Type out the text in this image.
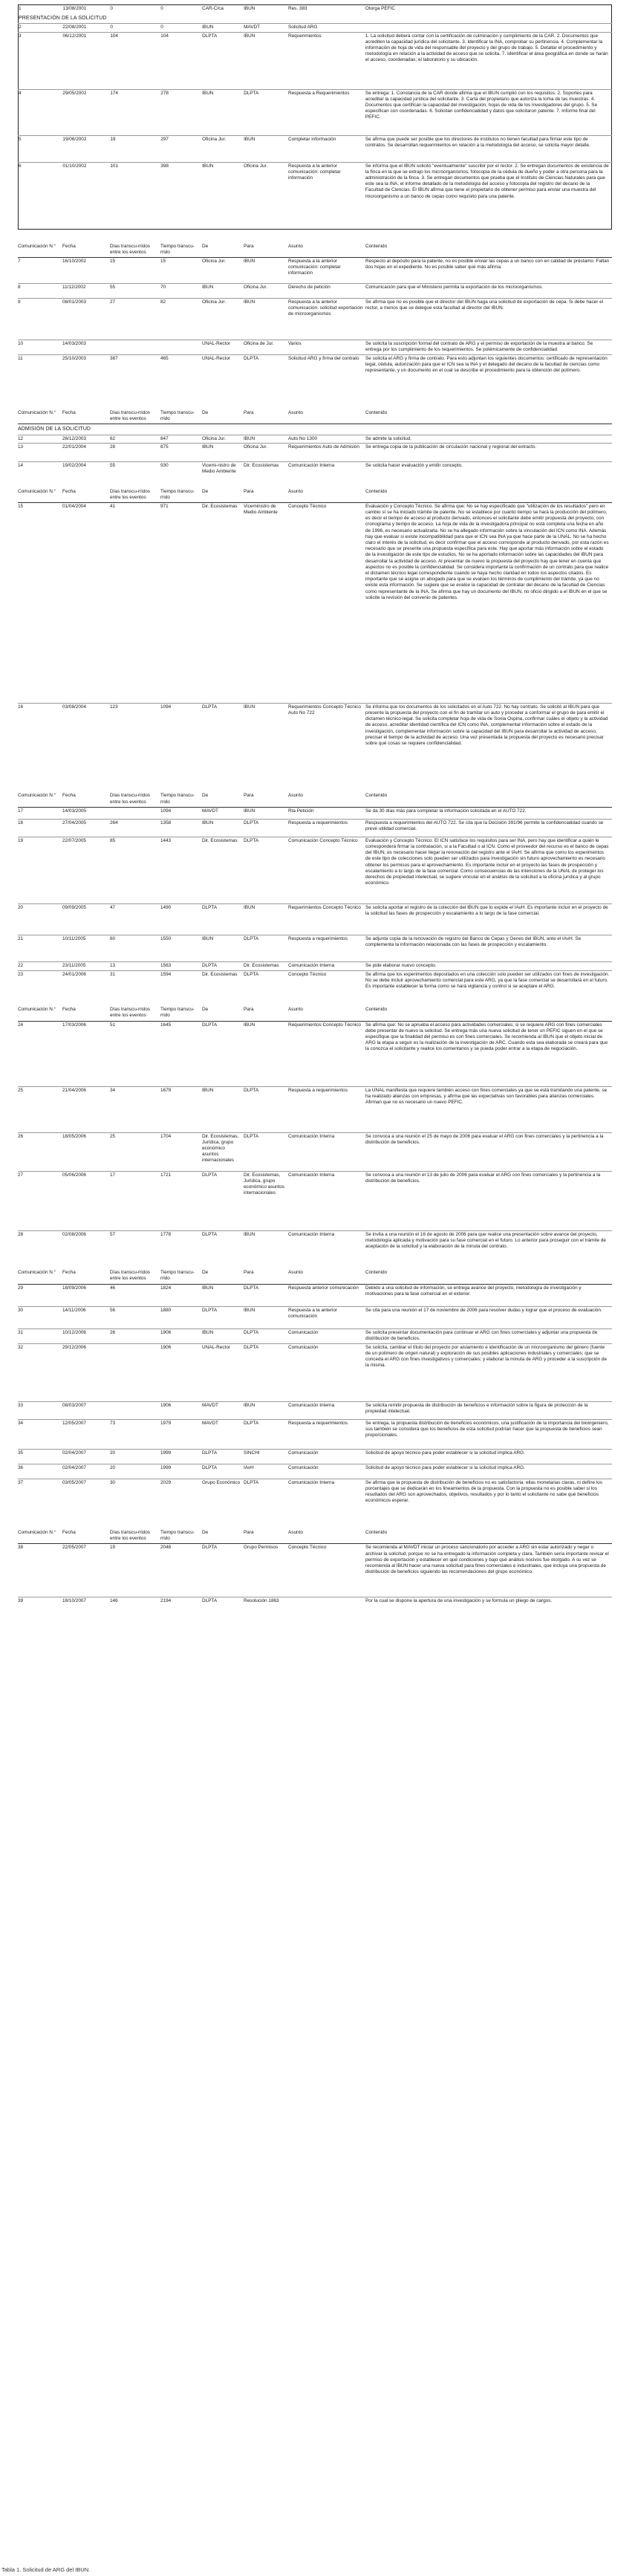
1	13/08/2001	0	0	CAR-C/ca	IBUN	Res. 383	Otorga PEFIC
PRESENTACIÓN DE LA SOLICITUD							
2	22/08/2001	0	0	IBUN	MAVDT	Solicitud ARG	
3	06/12/2001	104	104	DLPTA	IBUN	Requerimientos	1. La solicitud deberá contar con la certificación de culminación y cumplimiento de la CAR. 2. Documentos que acrediten la capacidad jurídica del solicitante. 3. Identificar la INA, comprobar su pertinencia. 4. Complementar la información de hoja de vida del responsable del proyecto y del grupo de trabajo. 5. Detallar el procedimiento y metodología en relación a la actividad de acceso que se solicita. 7. Identificar el área geográfica en donde se harán el acceso, coordenadas; el laboratorio y su ubicación.
4	29/05/2002	174	278	IBUN	DLPTA	Respuesta a Requerimientos	Se entrega: 1. Constancia de la CAR donde afirma que el IBUN cumplió con los requisitos. 2. Soportes para acreditar la capacidad jurídica del solicitante. 3. Carta del propietario que autoriza la toma de las muestras. 4. Documentos que certifican la capacidad del investigación, hojas de vida de los investigadores del grupo. 5. Se especifican con coordenadas. 6. Solicitan confidencialidad y datos que solicitaron patente. 7. Informe final del PEFIC.
5	19/06/2002	19	297	Oficina Jur.	IBUN	Completar información	Se afirma que puede ser posible que los directores de institutos no tienen facultad para firmar este tipo de contratos. Se desarrollan requerimientos en relación a la metodología del acceso, se solicita mayor detalle.
6	01/10/2002	101	398	IBUN	Oficina Jur.	Respuesta a la anterior comunicación: completar información	Se informa que el IBUN solicitó "eventualmente" suscribir por el rector. 2. Se entregan documentos de existencia de la finca en la que se extrajo los microorganismos, fotocopia de la cédula de dueño y poder a otra persona para la administración de la finca. 3. Se entregan documentos que prueba que el Instituto de Ciencias Naturales para que este sea la INA, el informe detallado de la metodología del acceso y fotocopia del registro del decano de la Facultad de Ciencias. El IBUN afirma que tiene el propietario de obtener permiso para enviar una muestra del microorganismo a un banco de cepas como requisito para una patente.
Comunicación N.°	Fecha	Días transcu-rridos entre los eventos	Tiempo transcu-rrido	De	Para	Asunto	Contenido
7	16/10/2002	15	15	Oficina Jur.	IBUN	Respuesta a la anterior comunicación: completar información	Respecto al depósito para la patente, no es posible enviar las cepas a un banco con en calidad de préstamo. Faltan dos hojas en el expediente. No es posible saber qué más afirma.
8	11/12/2002	55	70	IBUN	Oficina Jur.	Derecho de petición	Comunicación para que el Ministerio permita la exportación de los microorganismos.
9	08/01/2003	27	82	Oficina Jur.	IBUN	Respuesta a la anterior comunicación: solicitud exportación de microorganismos	Se afirma que no es posible que el director del IBUN haga una solicitud de exportación de cepa. Si debe hacer el rector, a menos que se delegue esta facultad al director del IBUN.
10	14/03/2003			UNAL-Rector	Oficina de Jur.	Varios	Se solicita la suscripción formal del contrato de ARG y el permiso de exportación de la muestra al banco. Se entrega por los cumplimiento de los requerimientos. Se polémicamente de confidencialidad.
11	25/10/2003	387	465	UNAL-Rector	DLPTA	Solicitud ARG y firma del contrato	Se solicita el ARG y firma de contrato. Para esto adjuntan los siguientes documentos: certificado de representación legal, cédula, autorización para que el ICN sea la INA y el delegado del decano de la facultad de ciencias como representante, y un documento en el cual se describe el procedimiento para la obtención del polímero.
Comunicación N.°	Fecha	Días transcu-rridos entre los eventos	Tiempo transcu-rrido	De	Para	Asunto	Contenido
ADMISIÓN DE LA SOLICITUD							
12	26/12/2003	62	847	Oficina Jur.	IBUN	Auto No 1300	Se admite la solicitud.
13	22/01/2004	28	875	IBUN	Oficina Jur.	Requerimientos Auto de Admisión	Se entrega copia de la publicación de circulación nacional y regional del extracto.
14	19/02/2004	55	930	Vicemi-nistro de Medio Ambiente	Dir. Ecosistemas	Comunicación Interna	Se solicita hacer evaluación y emitir concepto.
Comunicación N.°	Fecha	Días transcu-rridos entre los eventos	Tiempo transcu-rrido	De	Para	Asunto	Contenido
15	01/04/2004	41	971	Dir. Ecosistemas	Viceministro de Medio Ambiente	Concepto Técnico	Evaluación y Concepto Técnico. Se afirma que: No se hay especificado que "utilización de los resultados" pero en cambio sí se ha iniciado trámite de patente. No se establece por cuanto tiempo se hará la producción del polímero, es decir el tiempo de acceso al producto derivado, entonces el solicitante debe emitir propuesta del proyecto, con cronograma y tiempo de acceso. La hoja de vida de la investigadora principal no está completa una fecha en año de 1996, es necesario actualizarla. No se ha allegado información sobre la vinculación del ICN como INA. Además hay que evaluar si existe incompatibilidad para que el ICN sea INA ya que hace parte de la UNAL. No se ha hecho claro el interés de la solicitud, es decir confirmar que el acceso corresponde al producto derivado, por esta razón es necesario que se presente una propuesta específica para este. Hay que aportar más información sobre el estado de la investigación de este tipo de estudios. No se ha aportado información sobre las capacidades del IBUN para desarrollar la actividad de acceso. Al presentar de nuevo la propuesta del proyecto hay que tener en cuenta que aspectos no es posible la confidencialidad. Se considera importante la confirmación de un contrato para que realice el dictamen técnico legal correspondiente cuando se haya hecho claridad en todos los aspectos citados. Es importante que se asigne un abogado para que se evalúen los términos de cumplimiento del trámite, ya que no existe esta información. Se sugiere que se evalúe la capacidad de contratar del decano de la facultad de Ciencias como representante de la INA. Se afirma que hay un documento del IBUN, no oficio dirigido a el IBUN en el que se solicite la revisión del convenio de patentes.
16	03/08/2004	123	1094	DLPTA	IBUN	Requerimientos Concepto Técnico Auto No 722	Se informa que los documentos de los solicitados en el Auto 722. No hay contrato. Se solicitó al IBUN para que presente la propuesta del proyecto con el fin de tramitar un auto y proceder a conformar el grupo de para emitir el dictamen técnico-legal. Se solicita completar hoja de vida de Sonia Ospina, confirmar cuáles el objeto y la actividad de acceso, acreditar identidad científica del ICN como INA, complementar información sobre el estado de la investigación, complementar información sobre la capacidad del IBUN para desarrollar la actividad de acceso, precisar el tiempo de la actividad de acceso. Una vez presentada la propuesta del proyecto es necesario precisar sobre qué cosas se requiere confidencialidad.
Comunicación N.°	Fecha	Días transcu-rridos entre los eventos	Tiempo transcu-rrido	De	Para	Asunto	Contenido
17	14/03/2005		1094	MAVDT	IBUN	Rta Petición	Se da 30 días más para completar la información solicitada en el AUTO 722.
18	27/04/2005	264	1358	IBUN	DLPTA	Respuesta a requerimientos	Respuesta a requerimientos del AUTO 722. Se cita que la Decisión 391/96 permite la confidencialidad cuando se prevé utilidad comercial.
19	22/07/2005	85	1443	Dir. Ecosistemas	DLPTA	Comunicación Concepto Técnico	Evaluación y Concepto Técnico. El ICN satisface los requisitos para ser INA, pero hay que identificar a quién le corresponderá firmar la contratación, si a la Facultad o al ICN. Como el proveedor del recurso es el banco de cepas del IBUN, es necesario hacer llegar la renovación del registro ante el IAvH. Se afirma que como los experimentos de este tipo de colecciones solo pueden ser utilizados para investigación sin futuro aprovechamiento es necesario obtener los permisos para el aprovechamiento. Es importante incluir en el proyecto las fases de prospección y escalamiento a lo largo de la fase comercial. Como consecuencias de las intenciones de la UNAL de proteger los derechos de propiedad intelectual, se sugiere vincular en el análisis de la solicitud a la oficina jurídica y al grupo económico.
20	09/09/2005	47	1490	DLPTA	IBUN	Requerimientos Concepto Técnico	Se solicita aportar el registro de la colección del IBUN que lo expide el IAvH. Es importante incluir en el proyecto de la solicitud las fases de prospección y escalamiento a lo largo de la fase comercial.
21	10/11/2005	60	1550	IBUN	DLPTA	Respuesta a requerimientos	Se adjunta copia de la renovación de registro del Banco de Cepas y Genes del IBUN, ante el IAvH. Se complementa la información relacionada con las fases de prospección y escalamiento.
22	23/11/2005	13	1563	DLPTA	Dir. Ecosistemas	Comunicación Interna	Se pide elaborar nuevo concepto.
23	24/01/2006	31	1594	Dir. Ecosistemas	DLPTA	Concepto Técnico	Se afirma que los experimentos depositados en una colección solo pueden ser utilizados con fines de investigación. No se debe incluir aprovechamiento comercial para este ARG, ya que la fase comercial se desarrollará en el futuro. Es importante establecer la forma como se hará vigilancia y control si se aceptare el ARG.
Comunicación N.°	Fecha	Días transcu-rridos entre los eventos	Tiempo transcu-rrido	De	Para	Asunto	Contenido
24	17/03/2006	51	1645	DLPTA	IBUN	Requerimientos Concepto Técnico	Se afirma que: No se aprueba el acceso para actividades comerciales; si se requiere ARG con fines comerciales debe presentar de nuevo la solicitud. Se entrega más una nueva solicitud de tener un PEFIC siguen en el que se especifique que la finalidad del permiso es con fines comerciales. Se recomienda al IBUN que el objeto inicial de ARG la etapa a seguir es la realización de la investigación de ARC. Cuando esta sea elaborada se creará para que la conozca el solicitante y realice los comentarios y se pueda poder entrar a la etapa de negociación.
25	21/04/2006	34	1679	IBUN	DLPTA	Respuesta a requerimientos	La UNAL manifiesta que requiere también acceso con fines comerciales ya que se está tramitando una patente, se ha realizado alianzas con empresas, y afirma que las expectativas son favorables para alianzas comerciales. Afirman que no es necesario un nuevo PEFIC.
26	18/05/2006	25	1704	Dir. Ecosistemas, Jurídica, grupo económico asuntos internacionales	DLPTA	Comunicación Interna	Se convoca a una reunión el 25 de mayo de 2006 para evaluar el ARG con fines comerciales y la pertinencia a la distribución de beneficios.
27	05/06/2006	17	1721	DLPTA	Dir. Ecosistemas, Jurídica, grupo económico asuntos internacionales	Comunicación Interna	Se convoca a una reunión el 13 de julio de 2006 para evaluar el ARG con fines comerciales y la pertinencia a la distribución de beneficios.
28	02/08/2006	57	1778	DLPTA	IBUN	Comunicación Interna	Se invita a una reunión el 16 de agosto de 2006 para que realice una presentación sobre avance del proyecto, metodología aplicada y motivación para su fase comercial en el futuro. Lo anterior para proseguir con el trámite de aceptación de la solicitud y la elaboración de la minuta del contrato.
Comunicación N.°	Fecha	Días transcu-rridos entre los eventos	Tiempo transcu-rrido	De	Para	Asunto	Contenido
29	18/09/2006	46	1824	IBUN	DLPTA	Respuesta anterior comunicación	Debido a una solicitud de información, se entrega avance del proyecto, metodología de investigación y motivaciones para la fase comercial en el exterior.
30	14/11/2006	56	1880	DLPTA	IBUN	Respuesta a la anterior comunicación	Se cita para una reunión el 17 de noviembre de 2006 para resolver dudas y lograr que el proceso de evaluación.
31	10/12/2006	26	1906	IBUN	DLPTA	Comunicación	Se solicita presentar documentación para continuar el ARG con fines comerciales y adjuntar una propuesta de distribución de beneficios.
32	29/12/2006		1906	UNAL-Rector	DLPTA	Comunicación	Se solicita, cambiar el título del proyecto por aislamiento e identificación de un microorganismo del género (fuente de un polímero de origen natural) y exploración de sus posibles aplicaciones industriales y comerciales; que se conceda el ARG con fines investigativos y comerciales; y elaborar la minuta de ARG y proceder a la suscripción de la misma.
33	08/03/2007		1906	MAVDT	IBUN	Comunicación Interna	Se solicita remitir propuesta de distribución de beneficios e información sobre la figura de protección de la propiedad intelectual.
34	12/05/2007	73	1979	MAVDT	DLPTA	Respuesta a requerimientos	Se entrega, la propuesta distribución de beneficios económicos, una justificación de la importancia del bioingeniero, sus también se considera que los beneficios de esta solicitud podrían hacer que la propuesta de beneficios sean proporcionales.
35	02/04/2007	20	1999	DLPTA	SINCHI	Comunicación	Solicitud de apoyo técnico para poder establecer si la solicitud implica ARG.
36	02/04/2007	20	1999	DLPTA	IAvH	Comunicación	Solicitud de apoyo técnico para poder establecer si la solicitud implica ARG.
37	03/05/2007	30	2029	Grupo Económico	DLPTA	Comunicación Interna	Se afirma que la propuesta de distribución de beneficios no es satisfactoria: ellas monetarias claras, ni define los porcentajes que se dedicarán en los lineamientos de la propuesta. Con la propuesta no es posible saber si los resultados del ARG son aprovechados, objetivos, resultados y por lo tanto el solicitante no sabe qué beneficios económicos esperar.
Comunicación N.°	Fecha	Días transcu-rridos entre los eventos	Tiempo transcu-rrido	De	Para	Asunto	Contenido
38	22/05/2007	19	2048	DLPTA	Grupo Permisos	Concepto Técnico	Se recomienda al MAVDT iniciar un proceso sancionatorio por acceder a ARG sin estar autorizado y negar o archivar la solicitud, porque no se ha entregado la información completa y clara. También sería importante revisar el permiso de exportación y establecer en qué condiciones y bajo qué análisis nocivos fue otorgado. A su vez se recomienda al IBUN hacer una nueva solicitud para fines comerciales e industriales, que incluya una propuesta de distribución de beneficios siguiendo las recomendaciones del grupo económico.
39	18/10/2007	146	2194	DLPTA	Resolución 1863		Por la cual se dispone la apertura de una investigación y se formula un pliego de cargos.
Tabla 1. Solicitud de ARG del IBUN.
